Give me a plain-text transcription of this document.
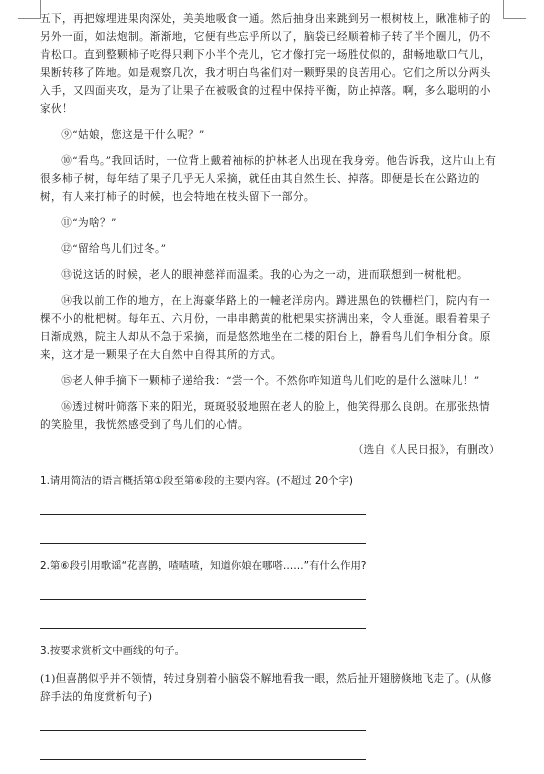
五下，再把嫁埋进果肉深处，美美地吸食一通。然后抽身出来跳到另一根树枝上，瞅准柿子的另外一面，如法炮制。渐渐地，它便有些忘乎所以了，脑袋已经顺着柿子转了半个圈儿，仍不肯松口。直到整颗柿子吃得只剩下小半个壳儿，它才像打完一场胜仗似的，甜畅地歇口气儿，果断转移了阵地。如是观察几次，我才明白鸟雀们对一颗野果的良苦用心。它们之所以分两头入手，又四面夹攻，是为了让果子在被吸食的过程中保持平衡，防止掉落。啊，多么聪明的小家伙！

⑨“姑娘，您这是干什么呢？”

⑩“看鸟。”我回话时，一位背上戴着袖标的护林老人出现在我身旁。他告诉我，这片山上有很多柿子树，每年结了果子几乎无人采摘，就任由其自然生长、掉落。即便是长在公路边的树，有人来打柿子的时候，也会特地在枝头留下一部分。

⑪“为啥？”

⑫“留给鸟儿们过冬。”

⑬说这话的时候，老人的眼神慈祥而温柔。我的心为之一动，进而联想到一树枇杷。

⑭我以前工作的地方，在上海豪华路上的一幢老洋房内。蹲进黑色的铁栅栏门，院内有一棵不小的枇杷树。每年五、六月份，一串串鹅黄的枇杷果实挤满出来，令人垂涎。眼看着果子日渐成熟，院主人却从不急于采摘，而是悠然地坐在二楼的阳台上，静看鸟儿们争相分食。原来，这才是一颗果子在大自然中自得其所的方式。

⑮老人伸手摘下一颗柿子递给我：“尝一个。不然你咋知道鸟儿们吃的是什么滋味儿！”

⑯透过树叶筛落下来的阳光，斑斑驳驳地照在老人的脸上，他笑得那么良朗。在那张热情的笑脸里，我恍然感受到了鸟儿们的心情。

（选自《人民日报》，有删改）

1.请用简洁的语言概括第①段至第⑥段的主要内容。(不超过 20个字)

2.第⑥段引用歌谣“花喜鹊，喳喳喳，知道你娘在哪嗒……”有什么作用?

3.按要求赏析文中画线的句子。

(1)但喜鹊似乎并不领情，转过身别着小脑袋不解地看我一眼，然后扯开翅膀倏地飞走了。(从修辞手法的角度赏析句子)
